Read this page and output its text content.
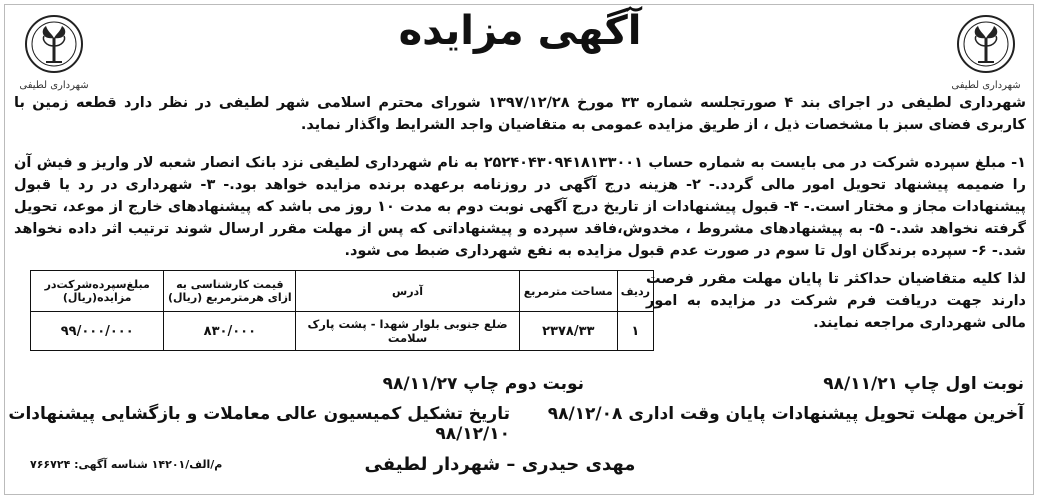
شهرداری لطیفی
شهرداری لطیفی
آگهی مزایده
شهرداری لطیفی در اجرای بند ۴ صورتجلسه شماره ۳۳ مورخ ۱۳۹۷/۱۲/۲۸ شورای محترم اسلامی شهر لطیفی در نظر دارد قطعه زمین با کاربری فضای سبز با مشخصات ذیل ، از طریق مزایده عمومی به متقاضیان واجد الشرایط واگذار نماید.
۱- مبلغ سپرده شرکت در می بایست به شماره حساب ۲۵۲۴۰۴۳۰۹۴۱۸۱۳۳۰۰۱ به نام شهرداری لطیفی نزد بانک انصار شعبه لار واریز و فیش آن را ضمیمه پیشنهاد تحویل امور مالی گردد.- ۲- هزینه درج آگهی در روزنامه برعهده برنده مزایده خواهد بود.- ۳- شهرداری در رد یا قبول پیشنهادات مجاز و مختار است.- ۴- قبول پیشنهادات از تاریخ درج آگهی نوبت دوم به مدت ۱۰ روز می باشد که پیشنهادهای خارج از موعد، تحویل گرفته نخواهد شد.- ۵- به پیشنهادهای مشروط ، مخدوش،فاقد سپرده و پیشنهاداتی که پس از مهلت مقرر ارسال شوند ترتیب اثر داده نخواهد شد.- ۶- سپرده برندگان اول تا سوم در صورت عدم قبول مزایده به نفع شهرداری ضبط می شود.
لذا کلیه متقاضیان حداکثر تا پایان مهلت مقرر فرصت دارند جهت دریافت فرم شرکت در مزایده به امور مالی شهرداری مراجعه نمایند.
ردیف	مساحت مترمربع	آدرس	قیمت کارشناسی به ازای هرمترمربع (ریال)	مبلغ‌سپرده‌شرکت‌در مزایده(ریال)
۱	۲۳۷۸/۳۳	ضلع جنوبی بلوار شهدا - پشت پارک سلامت	۸۳۰/۰۰۰	۹۹/۰۰۰/۰۰۰
نوبت اول چاپ ۹۸/۱۱/۲۱
نوبت دوم چاپ ۹۸/۱۱/۲۷
آخرین مهلت تحویل پیشنهادات پایان وقت اداری ۹۸/۱۲/۰۸
تاریخ تشکیل کمیسیون عالی معاملات و بازگشایی پیشنهادات ۹۸/۱۲/۱۰
مهدی حیدری – شهردار لطیفی
م/الف/۱۴۲۰۱ شناسه آگهی: ۷۶۶۷۲۴
